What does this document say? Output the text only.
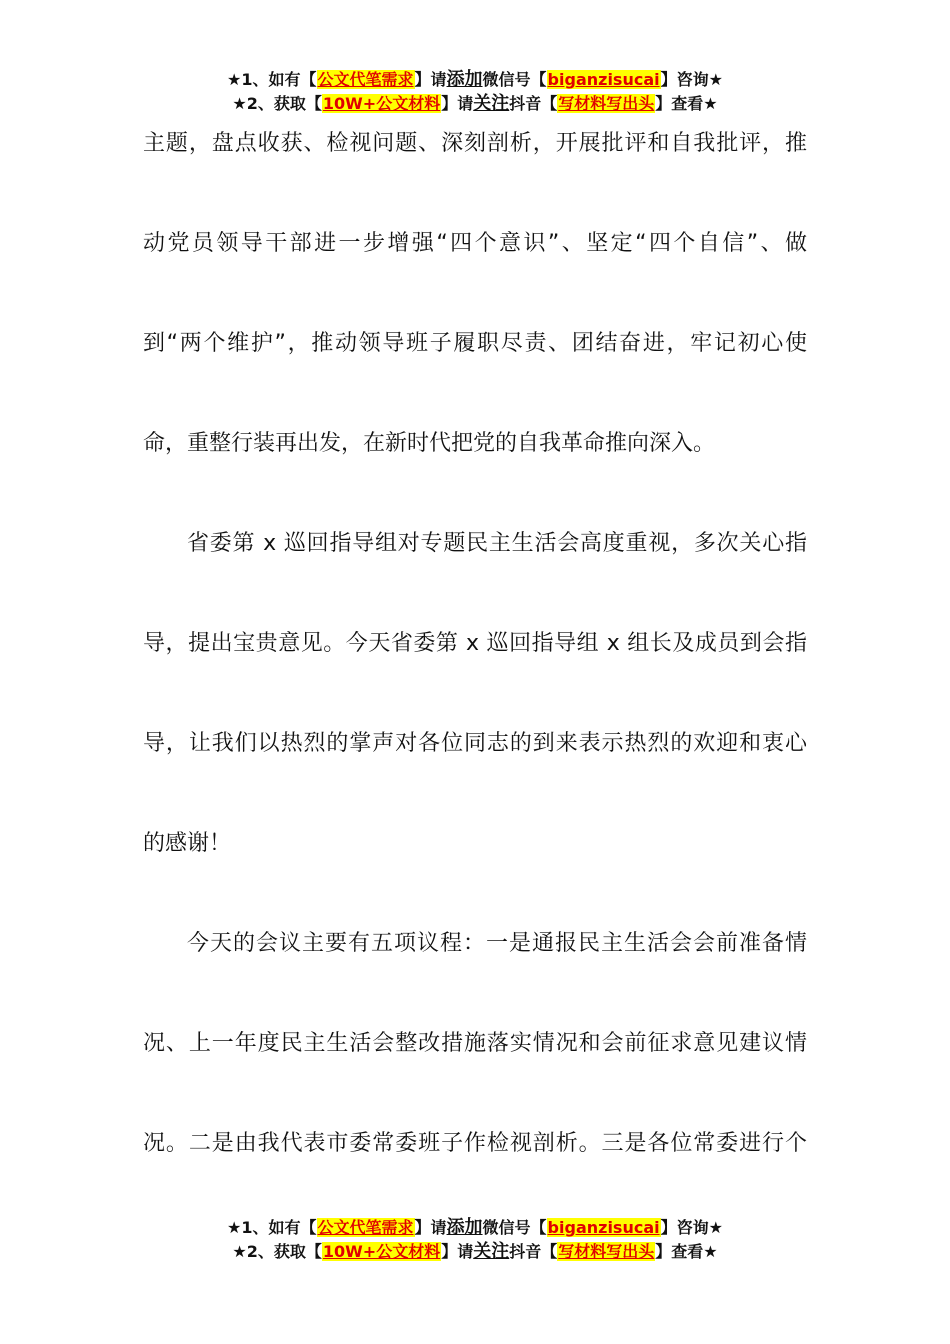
★1、如有【公文代笔需求】请添加微信号【biganzisucai】咨询★
★2、获取【10W+公文材料】请关注抖音【写材料写出头】查看★
主题，盘点收获、检视问题、深刻剖析，开展批评和自我批评，推
动党员领导干部进一步增强“四个意识”、坚定“四个自信”、做
到“两个维护”，推动领导班子履职尽责、团结奋进，牢记初心使
命，重整行装再出发，在新时代把党的自我革命推向深入。
省委第 x 巡回指导组对专题民主生活会高度重视，多次关心指
导，提出宝贵意见。今天省委第 x 巡回指导组 x 组长及成员到会指
导，让我们以热烈的掌声对各位同志的到来表示热烈的欢迎和衷心
的感谢！
今天的会议主要有五项议程：一是通报民主生活会会前准备情
况、上一年度民主生活会整改措施落实情况和会前征求意见建议情
况。二是由我代表市委常委班子作检视剖析。三是各位常委进行个
★1、如有【公文代笔需求】请添加微信号【biganzisucai】咨询★
★2、获取【10W+公文材料】请关注抖音【写材料写出头】查看★
